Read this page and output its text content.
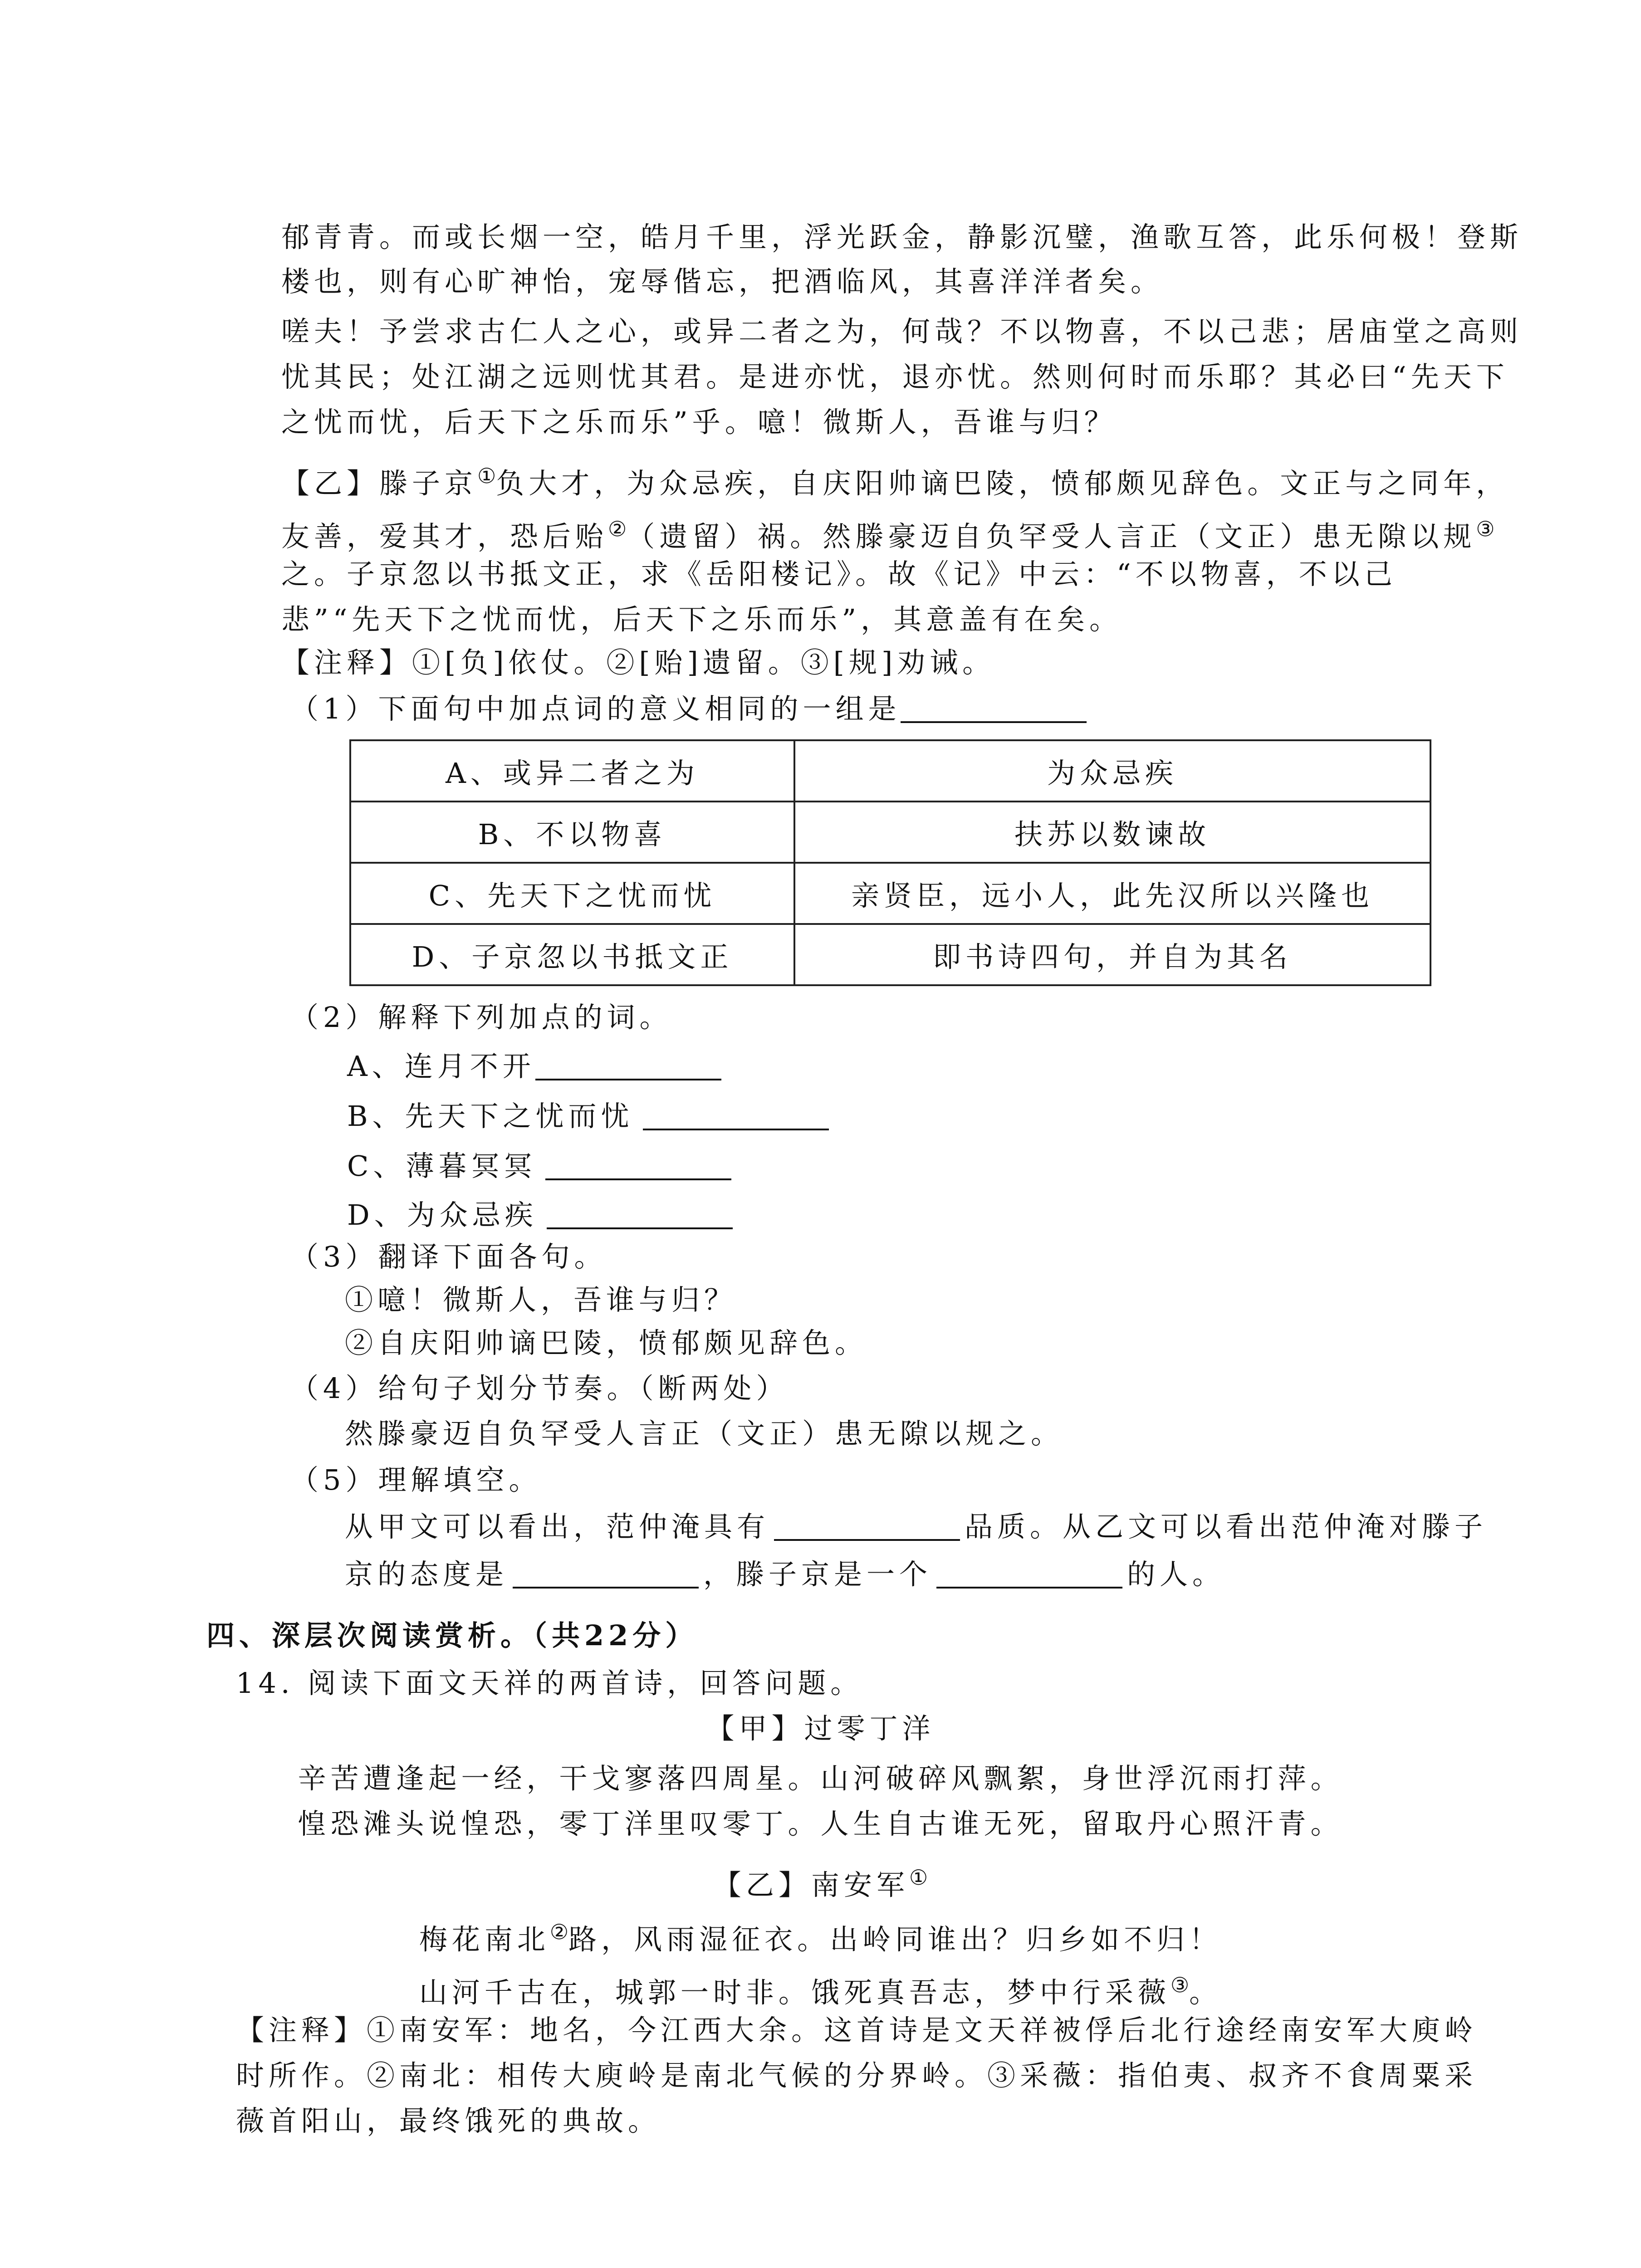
郁青青。而或长烟一空，皓月千里，浮光跃金，静影沉璧，渔歌互答，此乐何极！登斯
楼也，则有心旷神怡，宠辱偕忘，把酒临风，其喜洋洋者矣。
嗟夫！予尝求古仁人之心，或异二者之为，何哉？不以物喜，不以己悲；居庙堂之高则
忧其民；处江湖之远则忧其君。是进亦忧，退亦忧。然则何时而乐耶？其必曰“先天下
之忧而忧，后天下之乐而乐”乎。噫！微斯人，吾谁与归？
【乙】滕子京①负大才，为众忌疾，自庆阳帅谪巴陵，愤郁颇见辞色。文正与之同年，
友善，爱其才，恐后贻②（遗留）祸。然滕豪迈自负罕受人言正（文正）患无隙以规③
之。子京忽以书抵文正，求《岳阳楼记》。故《记》中云：“不以物喜，不以己
悲”“先天下之忧而忧，后天下之乐而乐”，其意盖有在矣。
【注释】①[负]依仗。②[贻]遗留。③[规]劝诫。
（1）下面句中加点词的意义相同的一组是
A、或异二者之为	为众忌疾
B、不以物喜	扶苏以数谏故
C、先天下之忧而忧	亲贤臣，远小人，此先汉所以兴隆也
D、子京忽以书抵文正	即书诗四句，并自为其名
（2）解释下列加点的词。
A、连月不开
B、先天下之忧而忧
C、薄暮冥冥
D、为众忌疾
（3）翻译下面各句。
①噫！微斯人，吾谁与归？
②自庆阳帅谪巴陵，愤郁颇见辞色。
（4）给句子划分节奏。（断两处）
然滕豪迈自负罕受人言正（文正）患无隙以规之。
（5）理解填空。
从甲文可以看出，范仲淹具有	品质。从乙文可以看出范仲淹对滕子
京的态度是	，滕子京是一个	的人。
四、深层次阅读赏析。（共22分）
14. 阅读下面文天祥的两首诗，回答问题。
【甲】过零丁洋
辛苦遭逢起一经，干戈寥落四周星。山河破碎风飘絮，身世浮沉雨打萍。
惶恐滩头说惶恐，零丁洋里叹零丁。人生自古谁无死，留取丹心照汗青。
【乙】南安军①
梅花南北②路，风雨湿征衣。出岭同谁出？归乡如不归！
山河千古在，城郭一时非。饿死真吾志，梦中行采薇③。
【注释】①南安军：地名，今江西大余。这首诗是文天祥被俘后北行途经南安军大庾岭
时所作。②南北：相传大庾岭是南北气候的分界岭。③采薇：指伯夷、叔齐不食周粟采
薇首阳山，最终饿死的典故。
